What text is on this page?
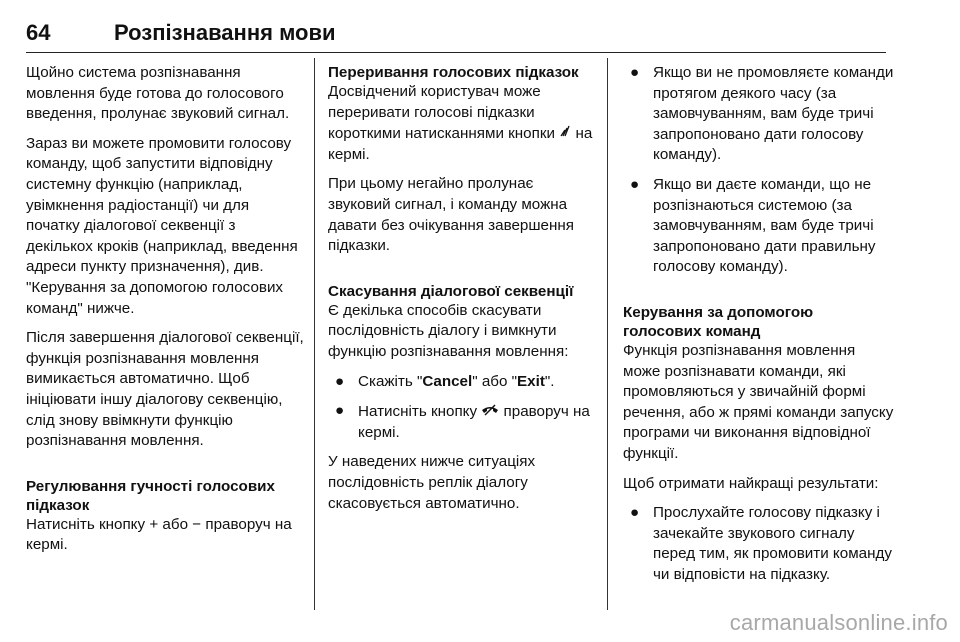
64	Розпізнавання мови

Щойно система розпізнавання мовлення буде готова до голосового введення, пролунає звуковий сигнал.

Зараз ви можете промовити голосову команду, щоб запустити відповідну системну функцію (наприклад, увімкнення радіостанції) чи для початку діалогової секвенції з декількох кроків (наприклад, введення адреси пункту призначення), див. "Керування за допомогою голосових команд" нижче.

Після завершення діалогової секвенції, функція розпізнавання мовлення вимикається автоматично. Щоб ініціювати іншу діалогову секвенцію, слід знову ввімкнути функцію розпізнавання мовлення.

Регулювання гучності голосових підказок

Натисніть кнопку + або − праворуч на кермі.

Переривання голосових підказок

Досвідчений користувач може переривати голосові підказки короткими натисканнями кнопки на кермі.

При цьому негайно пролунає звуковий сигнал, і команду можна давати без очікування завершення підказки.

Скасування діалогової секвенції

Є декілька способів скасувати послідовність діалогу і вимкнути функцію розпізнавання мовлення:

● Скажіть "Cancel" або "Exit".
● Натисніть кнопку праворуч на кермі.

У наведених нижче ситуаціях послідовність реплік діалогу скасовується автоматично.

● Якщо ви не промовляєте команди протягом деякого часу (за замовчуванням, вам буде тричі запропоновано дати голосову команду).
● Якщо ви даєте команди, що не розпізнаються системою (за замовчуванням, вам буде тричі запропоновано дати правильну голосову команду).
Керування за допомогою голосових команд

Функція розпізнавання мовлення може розпізнавати команди, які промовляються у звичайній формі речення, або ж прямі команди запуску програми чи виконання відповідної функції.

Щоб отримати найкращі результати:

● Прослухайте голосову підказку і зачекайте звукового сигналу перед тим, як промовити команду чи відповісти на підказку.
carmanualsonline.info
